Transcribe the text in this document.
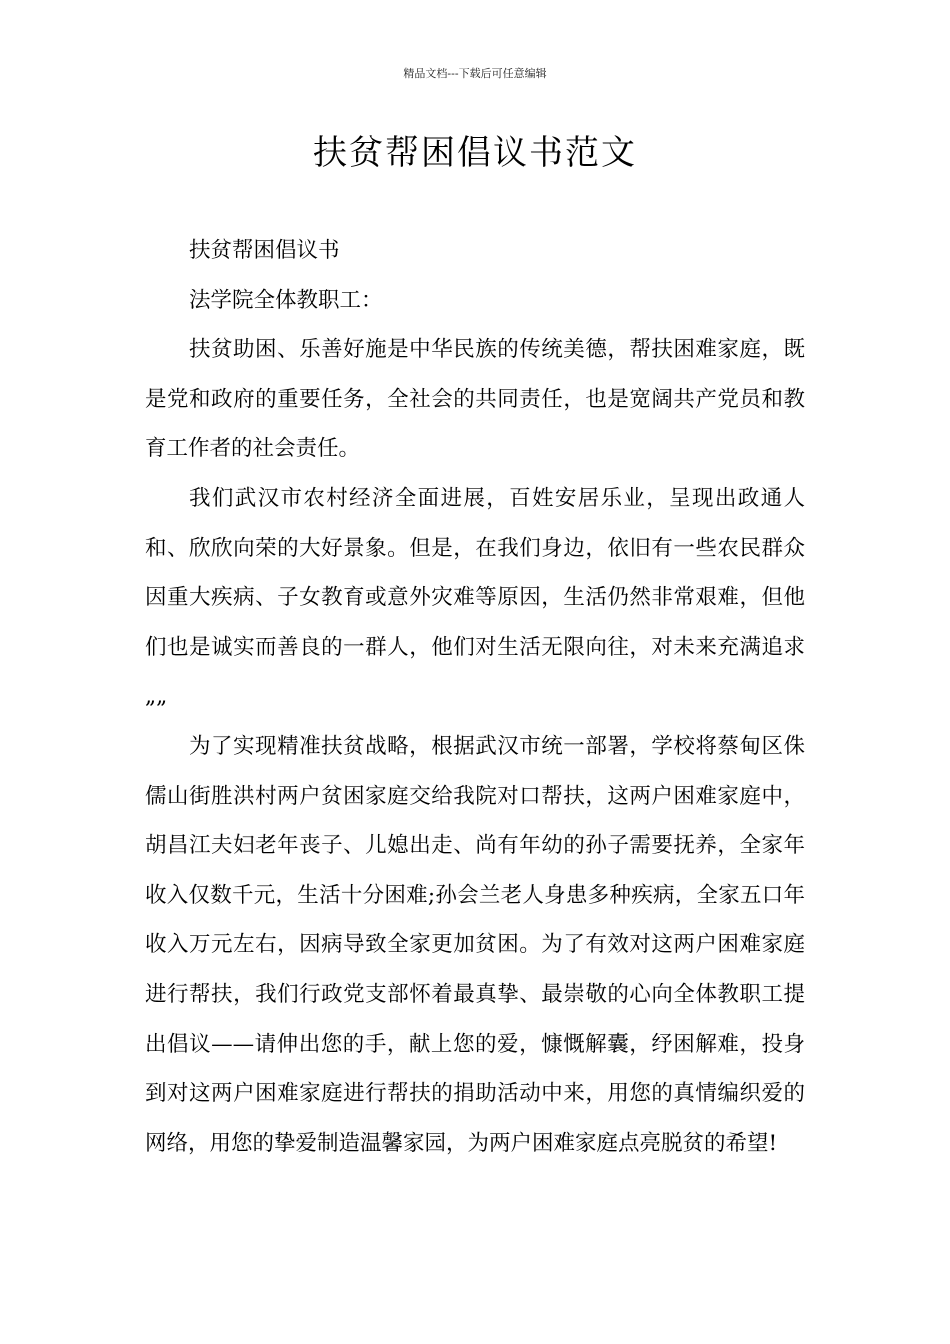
精品文档---下载后可任意编辑
扶贫帮困倡议书范文

扶贫帮困倡议书

法学院全体教职工：

扶贫助困、乐善好施是中华民族的传统美德，帮扶困难家庭，既是党和政府的重要任务，全社会的共同责任，也是宽阔共产党员和教育工作者的社会责任。

我们武汉市农村经济全面进展，百姓安居乐业，呈现出政通人和、欣欣向荣的大好景象。但是，在我们身边，依旧有一些农民群众因重大疾病、子女教育或意外灾难等原因，生活仍然非常艰难，但他们也是诚实而善良的一群人，他们对生活无限向往，对未来充满追求„„

为了实现精准扶贫战略，根据武汉市统一部署，学校将蔡甸区侏儒山街胜洪村两户贫困家庭交给我院对口帮扶，这两户困难家庭中，胡昌江夫妇老年丧子、儿媳出走、尚有年幼的孙子需要抚养，全家年收入仅数千元，生活十分困难;孙会兰老人身患多种疾病，全家五口年收入万元左右，因病导致全家更加贫困。为了有效对这两户困难家庭进行帮扶，我们行政党支部怀着最真挚、最崇敬的心向全体教职工提出倡议——请伸出您的手，献上您的爱，慷慨解囊，纾困解难，投身到对这两户困难家庭进行帮扶的捐助活动中来，用您的真情编织爱的网络，用您的挚爱制造温馨家园，为两户困难家庭点亮脱贫的希望!
